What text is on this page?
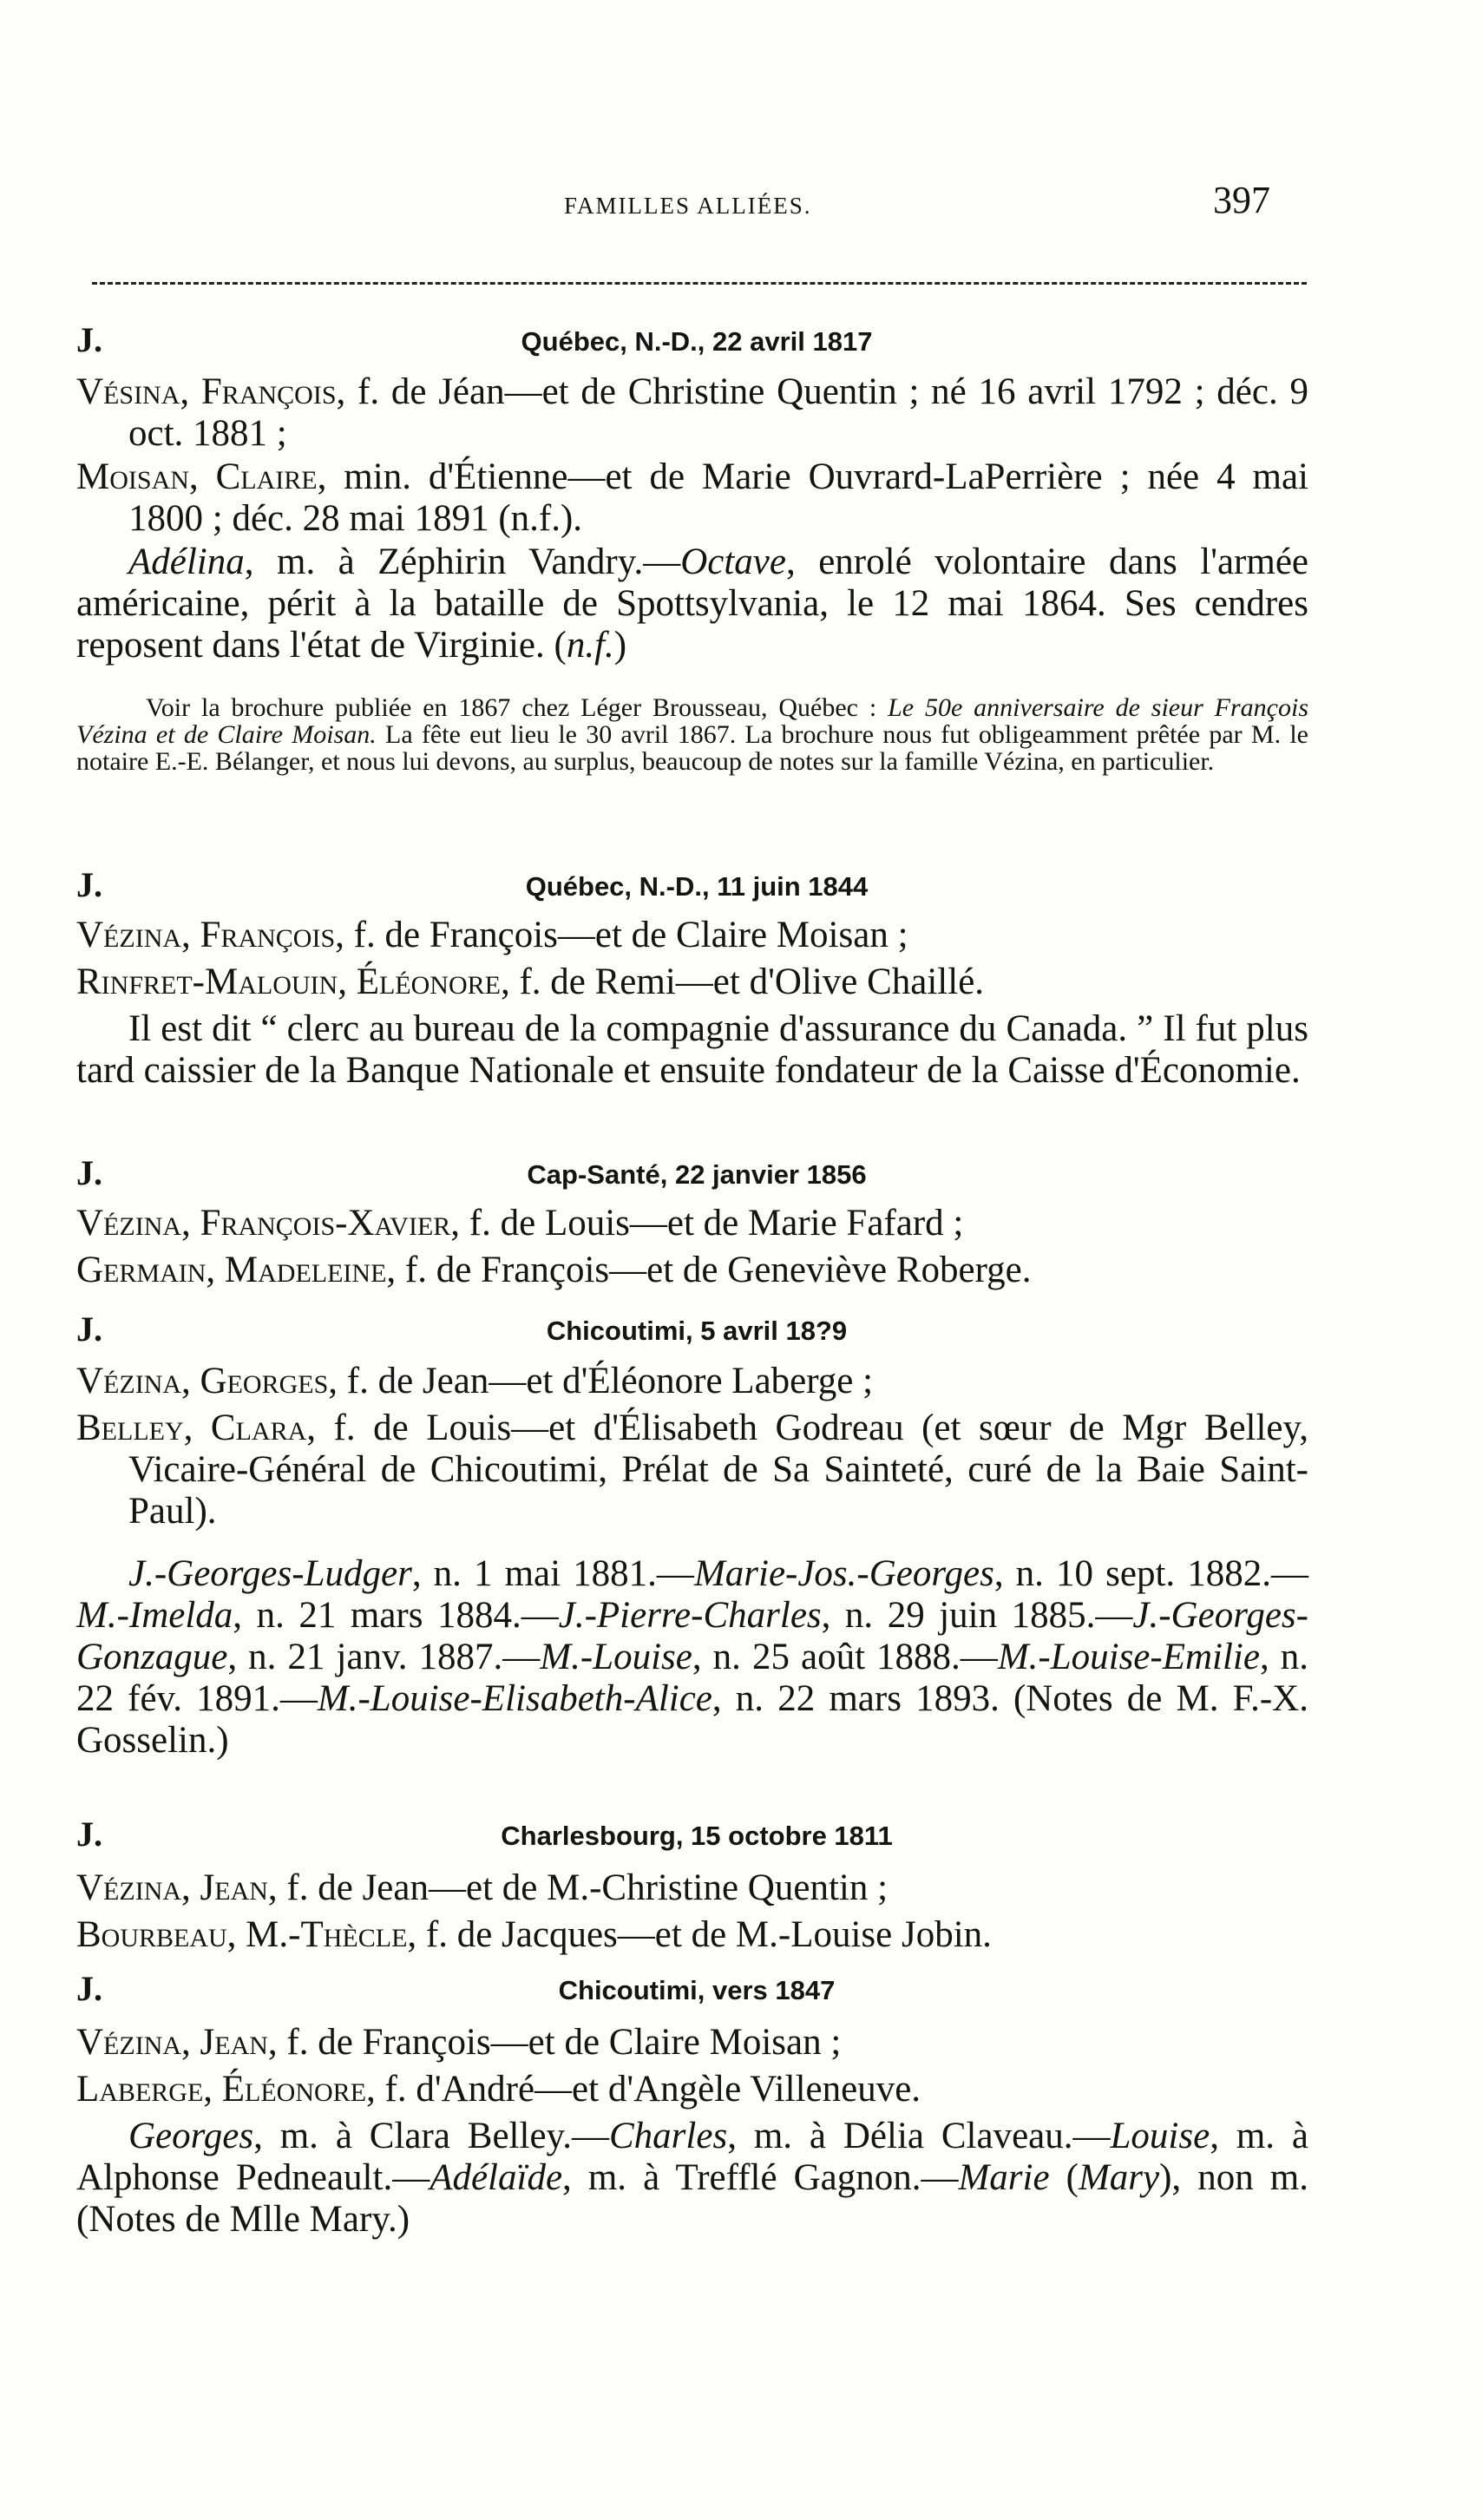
FAMILLES ALLIÉES.	397
J.	Québec, N.-D., 22 avril 1817
Vésina, François, f. de Jéan—et de Christine Quentin ; né 16 avril 1792 ; déc. 9 oct. 1881 ;
Moisan, Claire, min. d'Étienne—et de Marie Ouvrard-LaPerrière ; née 4 mai 1800 ; déc. 28 mai 1891 (n.f.).
Adélina, m. à Zéphirin Vandry.—Octave, enrolé volontaire dans l'armée américaine, périt à la bataille de Spottsylvania, le 12 mai 1864. Ses cendres reposent dans l'état de Virginie. (n.f.)
Voir la brochure publiée en 1867 chez Léger Brousseau, Québec : Le 50e anniversaire de sieur François Vézina et de Claire Moisan. La fête eut lieu le 30 avril 1867. La brochure nous fut obligeamment prêtée par M. le notaire E.-E. Bélanger, et nous lui devons, au surplus, beaucoup de notes sur la famille Vézina, en particulier.
J.	Québec, N.-D., 11 juin 1844
Vézina, François, f. de François—et de Claire Moisan ;
Rinfret-Malouin, Éléonore, f. de Remi—et d'Olive Chaillé.
Il est dit “ clerc au bureau de la compagnie d'assurance du Canada. ” Il fut plus tard caissier de la Banque Nationale et ensuite fondateur de la Caisse d'Économie.
J.	Cap-Santé, 22 janvier 1856
Vézina, François-Xavier, f. de Louis—et de Marie Fafard ;
Germain, Madeleine, f. de François—et de Geneviève Roberge.
J.	Chicoutimi, 5 avril 18?9
Vézina, Georges, f. de Jean—et d'Éléonore Laberge ;
Belley, Clara, f. de Louis—et d'Élisabeth Godreau (et sœur de Mgr Belley, Vicaire-Général de Chicoutimi, Prélat de Sa Sainteté, curé de la Baie Saint-Paul).
J.-Georges-Ludger, n. 1 mai 1881.—Marie-Jos.-Georges, n. 10 sept. 1882.—M.-Imelda, n. 21 mars 1884.—J.-Pierre-Charles, n. 29 juin 1885.—J.-Georges-Gonzague, n. 21 janv. 1887.—M.-Louise, n. 25 août 1888.—M.-Louise-Emilie, n. 22 fév. 1891.—M.-Louise-Elisabeth-Alice, n. 22 mars 1893. (Notes de M. F.-X. Gosselin.)
J.	Charlesbourg, 15 octobre 1811
Vézina, Jean, f. de Jean—et de M.-Christine Quentin ;
Bourbeau, M.-Thècle, f. de Jacques—et de M.-Louise Jobin.
J.	Chicoutimi, vers 1847
Vézina, Jean, f. de François—et de Claire Moisan ;
Laberge, Éléonore, f. d'André—et d'Angèle Villeneuve.
Georges, m. à Clara Belley.—Charles, m. à Délia Claveau.—Louise, m. à Alphonse Pedneault.—Adélaïde, m. à Trefflé Gagnon.—Marie (Mary), non m. (Notes de Mlle Mary.)
